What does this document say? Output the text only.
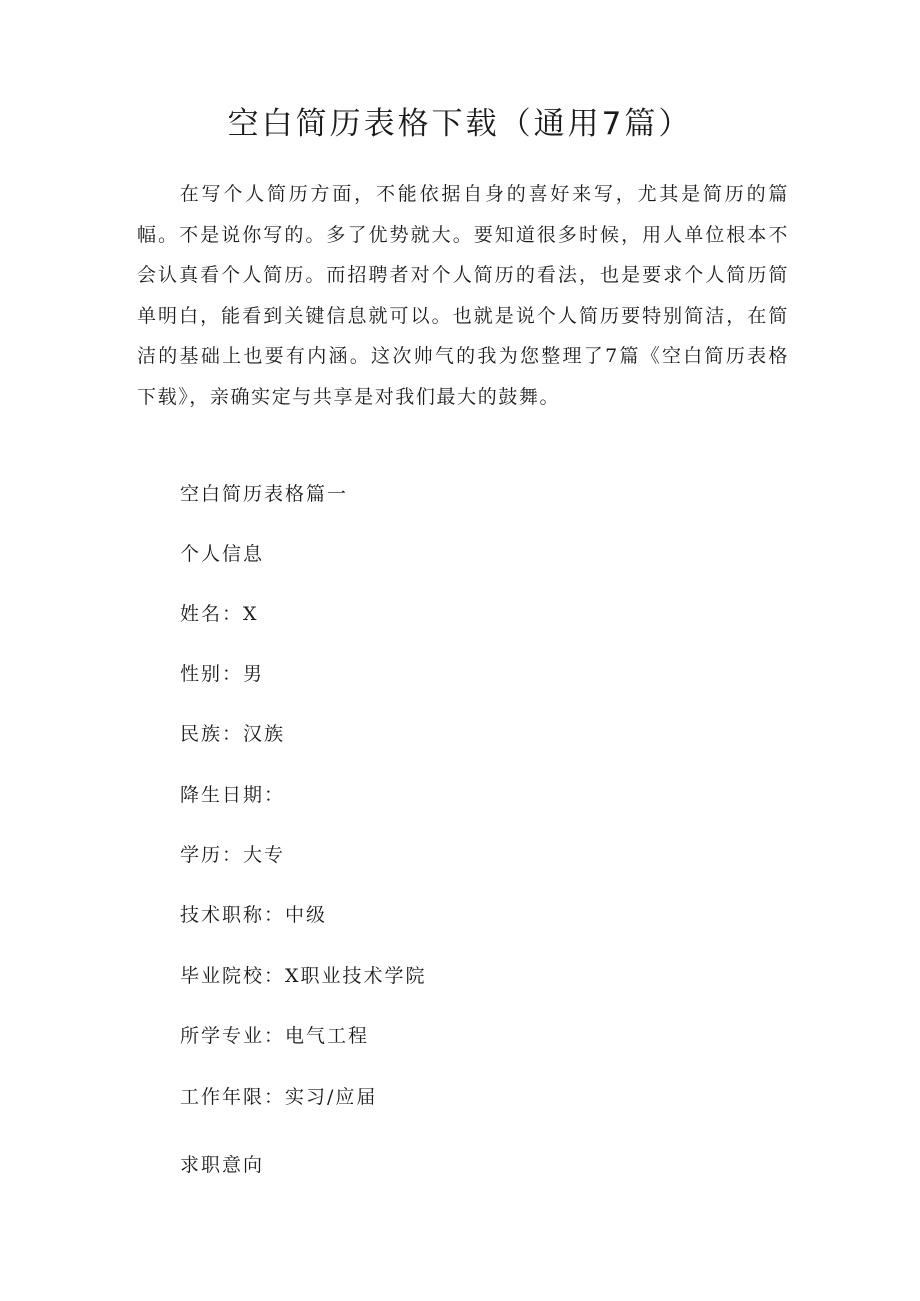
空白简历表格下载（通用7篇）

在写个人简历方面，不能依据自身的喜好来写，尤其是简历的篇幅。不是说你写的。多了优势就大。要知道很多时候，用人单位根本不会认真看个人简历。而招聘者对个人简历的看法，也是要求个人简历简单明白，能看到关键信息就可以。也就是说个人简历要特别简洁，在简洁的基础上也要有内涵。这次帅气的我为您整理了7篇《空白简历表格下载》，亲确实定与共享是对我们最大的鼓舞。

空白简历表格篇一

个人信息

姓名：X

性别：男

民族：汉族

降生日期：

学历：大专

技术职称：中级

毕业院校：X职业技术学院

所学专业：电气工程

工作年限：实习/应届

求职意向
